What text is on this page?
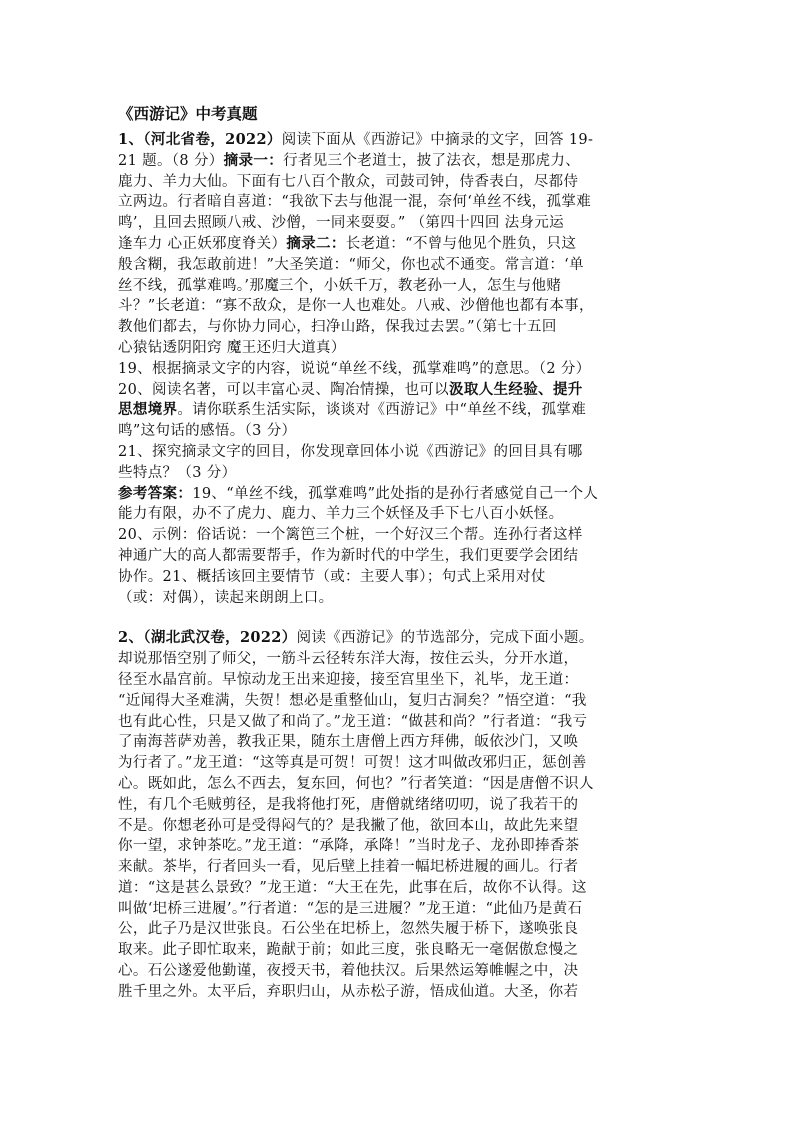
《西游记》中考真题
1、（河北省卷，2022）阅读下面从《西游记》中摘录的文字，回答 19-
21 题。（8 分）摘录一：行者见三个老道士，披了法衣，想是那虎力、
鹿力、羊力大仙。下面有七八百个散众，司鼓司钟，侍香表白，尽都侍
立两边。行者暗自喜道：“我欲下去与他混一混，奈何‘单丝不线，孤掌难
鸣’，且回去照顾八戒、沙僧，一同来耍耍。” （第四十四回 法身元运
逢车力 心正妖邪度脊关）摘录二：长老道：“不曾与他见个胜负，只这
般含糊，我怎敢前进！”大圣笑道：“师父，你也忒不通变。常言道：‘单
丝不线，孤掌难鸣。’那魔三个，小妖千万，教老孙一人，怎生与他赌
斗？”长老道：“寡不敌众，是你一人也难处。八戒、沙僧他也都有本事，
教他们都去，与你协力同心，扫净山路，保我过去罢。”（第七十五回
心猿钻透阴阳窍 魔王还归大道真）
19、根据摘录文字的内容，说说“单丝不线，孤掌难鸣”的意思。（2 分）
20、阅读名著，可以丰富心灵、陶冶情操，也可以汲取人生经验、提升
思想境界。请你联系生活实际，谈谈对《西游记》中“单丝不线，孤掌难
鸣”这句话的感悟。（3 分）
21、探究摘录文字的回目，你发现章回体小说《西游记》的回目具有哪
些特点？（3 分）
参考答案：19、“单丝不线，孤掌难鸣”此处指的是孙行者感觉自己一个人
能力有限，办不了虎力、鹿力、羊力三个妖怪及手下七八百小妖怪。
20、示例：俗话说：一个篱笆三个桩，一个好汉三个帮。连孙行者这样
神通广大的高人都需要帮手，作为新时代的中学生，我们更要学会团结
协作。21、概括该回主要情节（或：主要人事）；句式上采用对仗
（或：对偶），读起来朗朗上口。
2、（湖北武汉卷，2022）阅读《西游记》的节选部分，完成下面小题。
却说那悟空别了师父，一筋斗云径转东洋大海，按住云头，分开水道，
径至水晶宫前。早惊动龙王出来迎接，接至宫里坐下，礼毕，龙王道：
“近闻得大圣难满，失贺！想必是重整仙山，复归古洞矣？”悟空道：“我
也有此心性，只是又做了和尚了。”龙王道：“做甚和尚？”行者道：“我亏
了南海菩萨劝善，教我正果，随东土唐僧上西方拜佛，皈依沙门，又唤
为行者了。”龙王道：“这等真是可贺！可贺！这才叫做改邪归正，惩创善
心。既如此，怎么不西去，复东回，何也？”行者笑道：“因是唐僧不识人
性，有几个毛贼剪径，是我将他打死，唐僧就绪绪叨叨，说了我若干的
不是。你想老孙可是受得闷气的？是我撇了他，欲回本山，故此先来望
你一望，求钟茶吃。”龙王道：“承降，承降！”当时龙子、龙孙即捧香茶
来献。茶毕，行者回头一看，见后壁上挂着一幅圯桥进履的画儿。行者
道：“这是甚么景致？”龙王道：“大王在先，此事在后，故你不认得。这
叫做‘圯桥三进履’。”行者道：“怎的是三进履？”龙王道：“此仙乃是黄石
公，此子乃是汉世张良。石公坐在圯桥上，忽然失履于桥下，遂唤张良
取来。此子即忙取来，跪献于前；如此三度，张良略无一毫倨傲怠慢之
心。石公遂爱他勤谨，夜授天书，着他扶汉。后果然运筹帷幄之中，决
胜千里之外。太平后，弃职归山，从赤松子游，悟成仙道。大圣，你若
